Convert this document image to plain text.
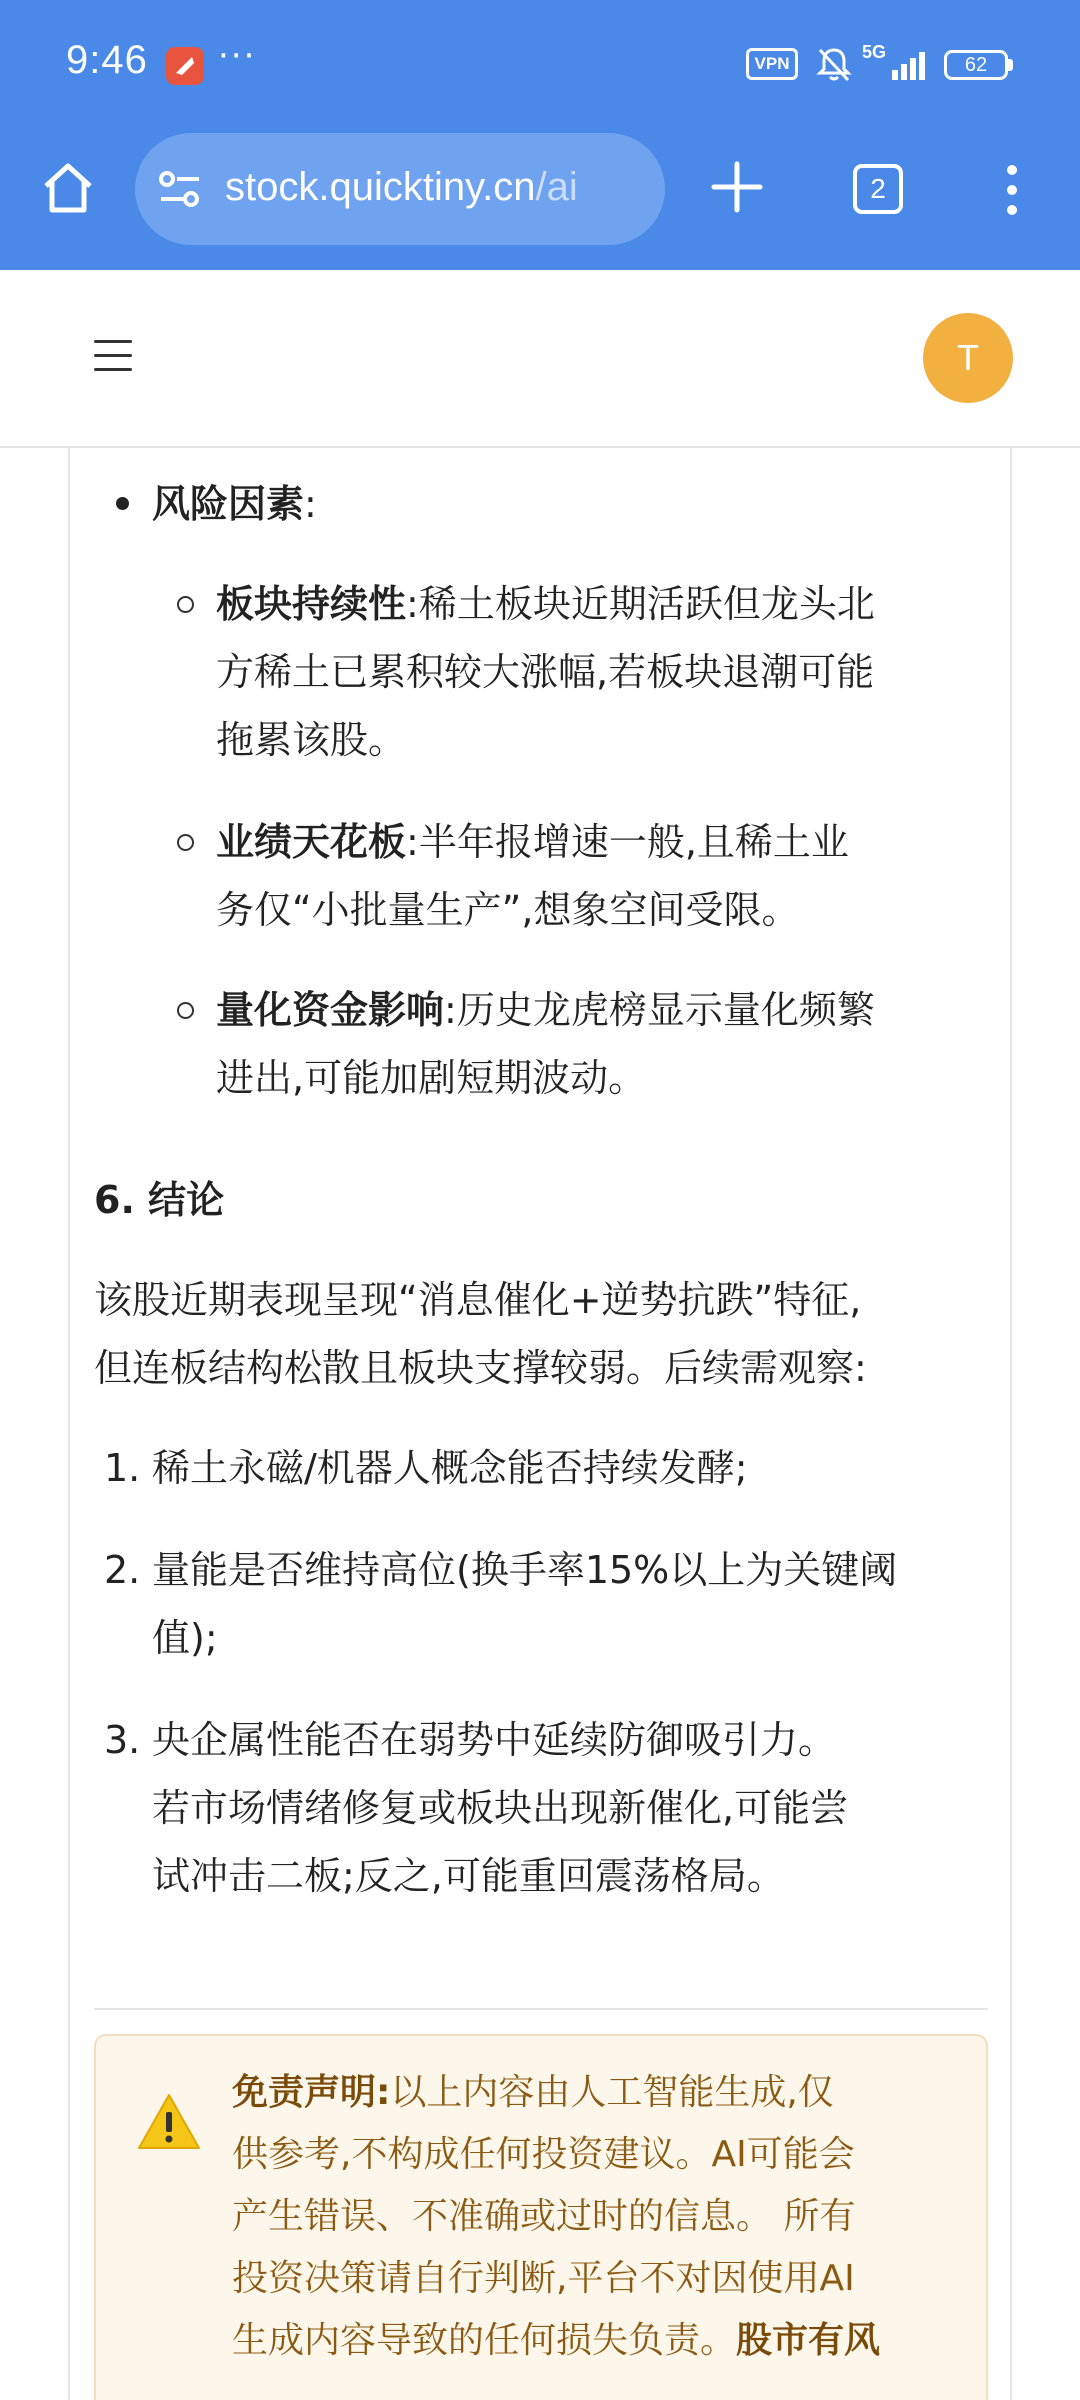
9:46 ···	VPN
5G
62
stock.quicktiny.cn/ai	2
T
风险因素:
板块持续性:稀土板块近期活跃但龙头北
方稀土已累积较大涨幅,若板块退潮可能
拖累该股。
业绩天花板:半年报增速一般,且稀土业
务仅“小批量生产”,想象空间受限。
量化资金影响:历史龙虎榜显示量化频繁
进出,可能加剧短期波动。
6. 结论
该股近期表现呈现“消息催化+逆势抗跌”特征,
但连板结构松散且板块支撑较弱。后续需观察:
1. 稀土永磁/机器人概念能否持续发酵;
2. 量能是否维持高位(换手率15%以上为关键阈
值);
3. 央企属性能否在弱势中延续防御吸引力。
若市场情绪修复或板块出现新催化,可能尝
试冲击二板;反之,可能重回震荡格局。
免责声明:以上内容由人工智能生成,仅
供参考,不构成任何投资建议。AI可能会
产生错误、不准确或过时的信息。 所有
投资决策请自行判断,平台不对因使用AI
生成内容导致的任何损失负责。股市有风
